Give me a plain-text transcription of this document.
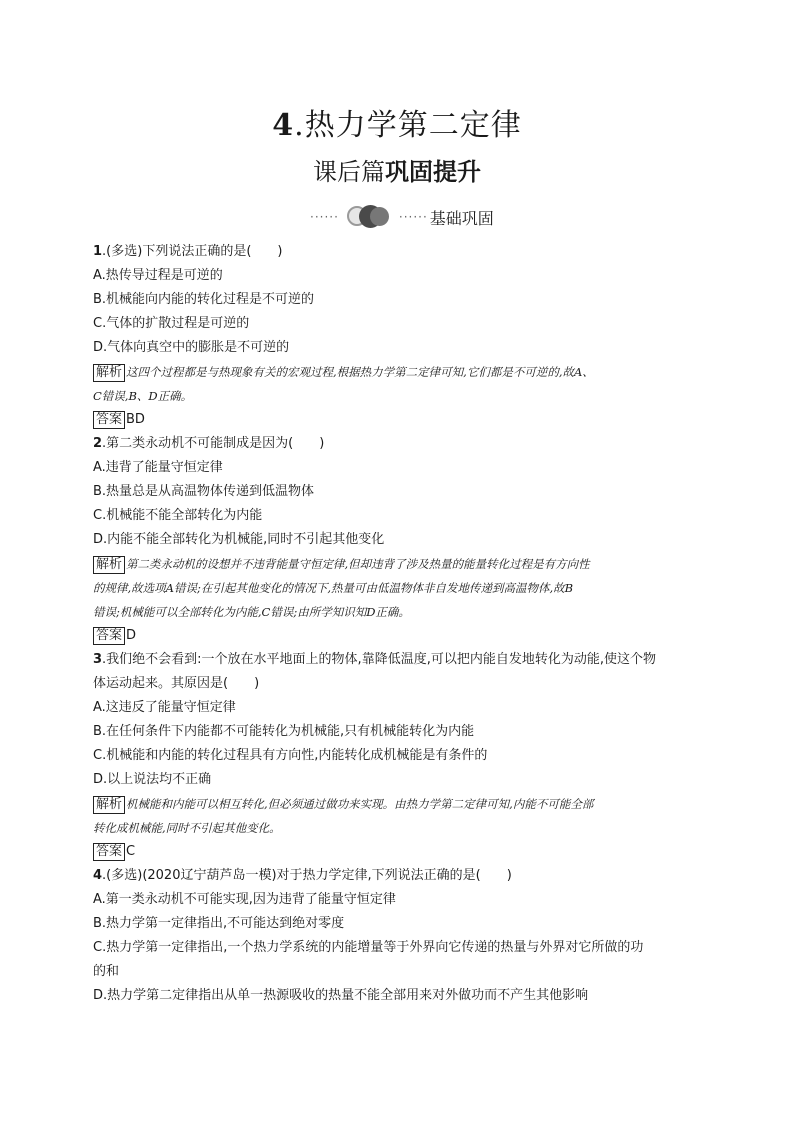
4.热力学第二定律
课后篇巩固提升
······	······ 基础巩固
1.(多选)下列说法正确的是(　　)
A.热传导过程是可逆的
B.机械能向内能的转化过程是不可逆的
C.气体的扩散过程是可逆的
D.气体向真空中的膨胀是不可逆的
解析 这四个过程都是与热现象有关的宏观过程,根据热力学第二定律可知,它们都是不可逆的,故A、
C错误,B、D正确。
答案 BD
2.第二类永动机不可能制成是因为(　　)
A.违背了能量守恒定律
B.热量总是从高温物体传递到低温物体
C.机械能不能全部转化为内能
D.内能不能全部转化为机械能,同时不引起其他变化
解析 第二类永动机的设想并不违背能量守恒定律,但却违背了涉及热量的能量转化过程是有方向性
的规律,故选项A错误;在引起其他变化的情况下,热量可由低温物体非自发地传递到高温物体,故B
错误;机械能可以全部转化为内能,C错误;由所学知识知D正确。
答案 D
3.我们绝不会看到:一个放在水平地面上的物体,靠降低温度,可以把内能自发地转化为动能,使这个物
体运动起来。其原因是(　　)
A.这违反了能量守恒定律
B.在任何条件下内能都不可能转化为机械能,只有机械能转化为内能
C.机械能和内能的转化过程具有方向性,内能转化成机械能是有条件的
D.以上说法均不正确
解析 机械能和内能可以相互转化,但必须通过做功来实现。由热力学第二定律可知,内能不可能全部
转化成机械能,同时不引起其他变化。
答案 C
4.(多选)(2020辽宁葫芦岛一模)对于热力学定律,下列说法正确的是(　　)
A.第一类永动机不可能实现,因为违背了能量守恒定律
B.热力学第一定律指出,不可能达到绝对零度
C.热力学第一定律指出,一个热力学系统的内能增量等于外界向它传递的热量与外界对它所做的功
的和
D.热力学第二定律指出从单一热源吸收的热量不能全部用来对外做功而不产生其他影响
